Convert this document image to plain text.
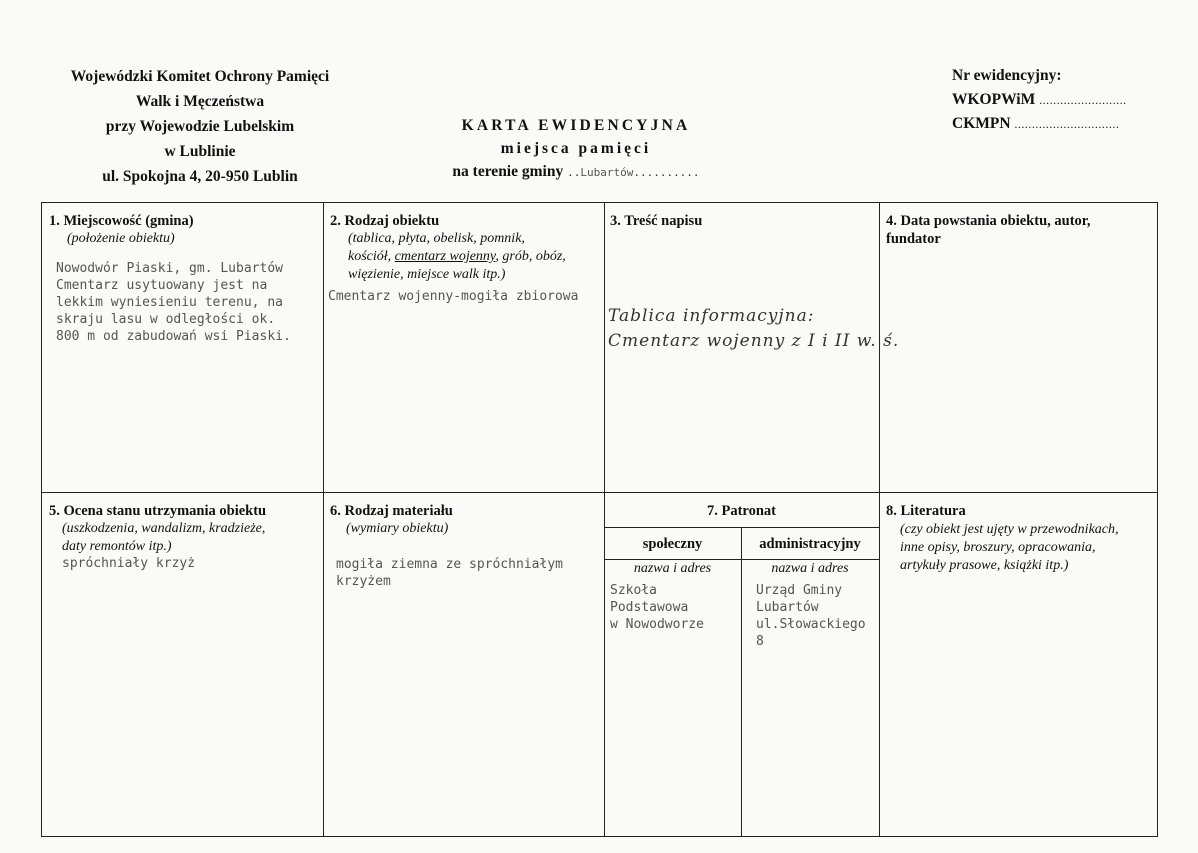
Wojewódzki Komitet Ochrony Pamięci
Walk i Męczeństwa
przy Wojewodzie Lubelskim
w Lublinie
ul. Spokojna 4, 20-950 Lublin
KARTA EWIDENCYJNA
miejsca pamięci
na terenie gminy ..Lubartów..........
Nr ewidencyjny:
WKOPWiM .........................
CKMPN ..............................
1. Miejscowość (gmina)
(położenie obiektu)
Nowodwór Piaski, gm. Lubartów
Cmentarz usytuowany jest na
lekkim wyniesieniu terenu, na
skraju lasu w odległości ok.
800 m od zabudowań wsi Piaski.
2. Rodzaj obiektu
(tablica, płyta, obelisk, pomnik,
kościół, cmentarz wojenny, grób, obóz,
więzienie, miejsce walk itp.)
Cmentarz wojenny-mogiła zbiorowa
3. Treść napisu
Tablica informacyjna:
Cmentarz wojenny z I i II w. ś.
4. Data powstania obiektu, autor,
fundator
5. Ocena stanu utrzymania obiektu
(uszkodzenia, wandalizm, kradzieże,
daty remontów itp.)
spróchniały krzyż
6. Rodzaj materiału
(wymiary obiektu)
mogiła ziemna ze spróchniałym
krzyżem
7. Patronat
społeczny	administracyjny
nazwa i adres	nazwa i adres
Szkoła
Podstawowa
w Nowodworze
Urząd Gminy
Lubartów
ul.Słowackiego
8
8. Literatura
(czy obiekt jest ujęty w przewodnikach,
inne opisy, broszury, opracowania,
artykuły prasowe, książki itp.)
